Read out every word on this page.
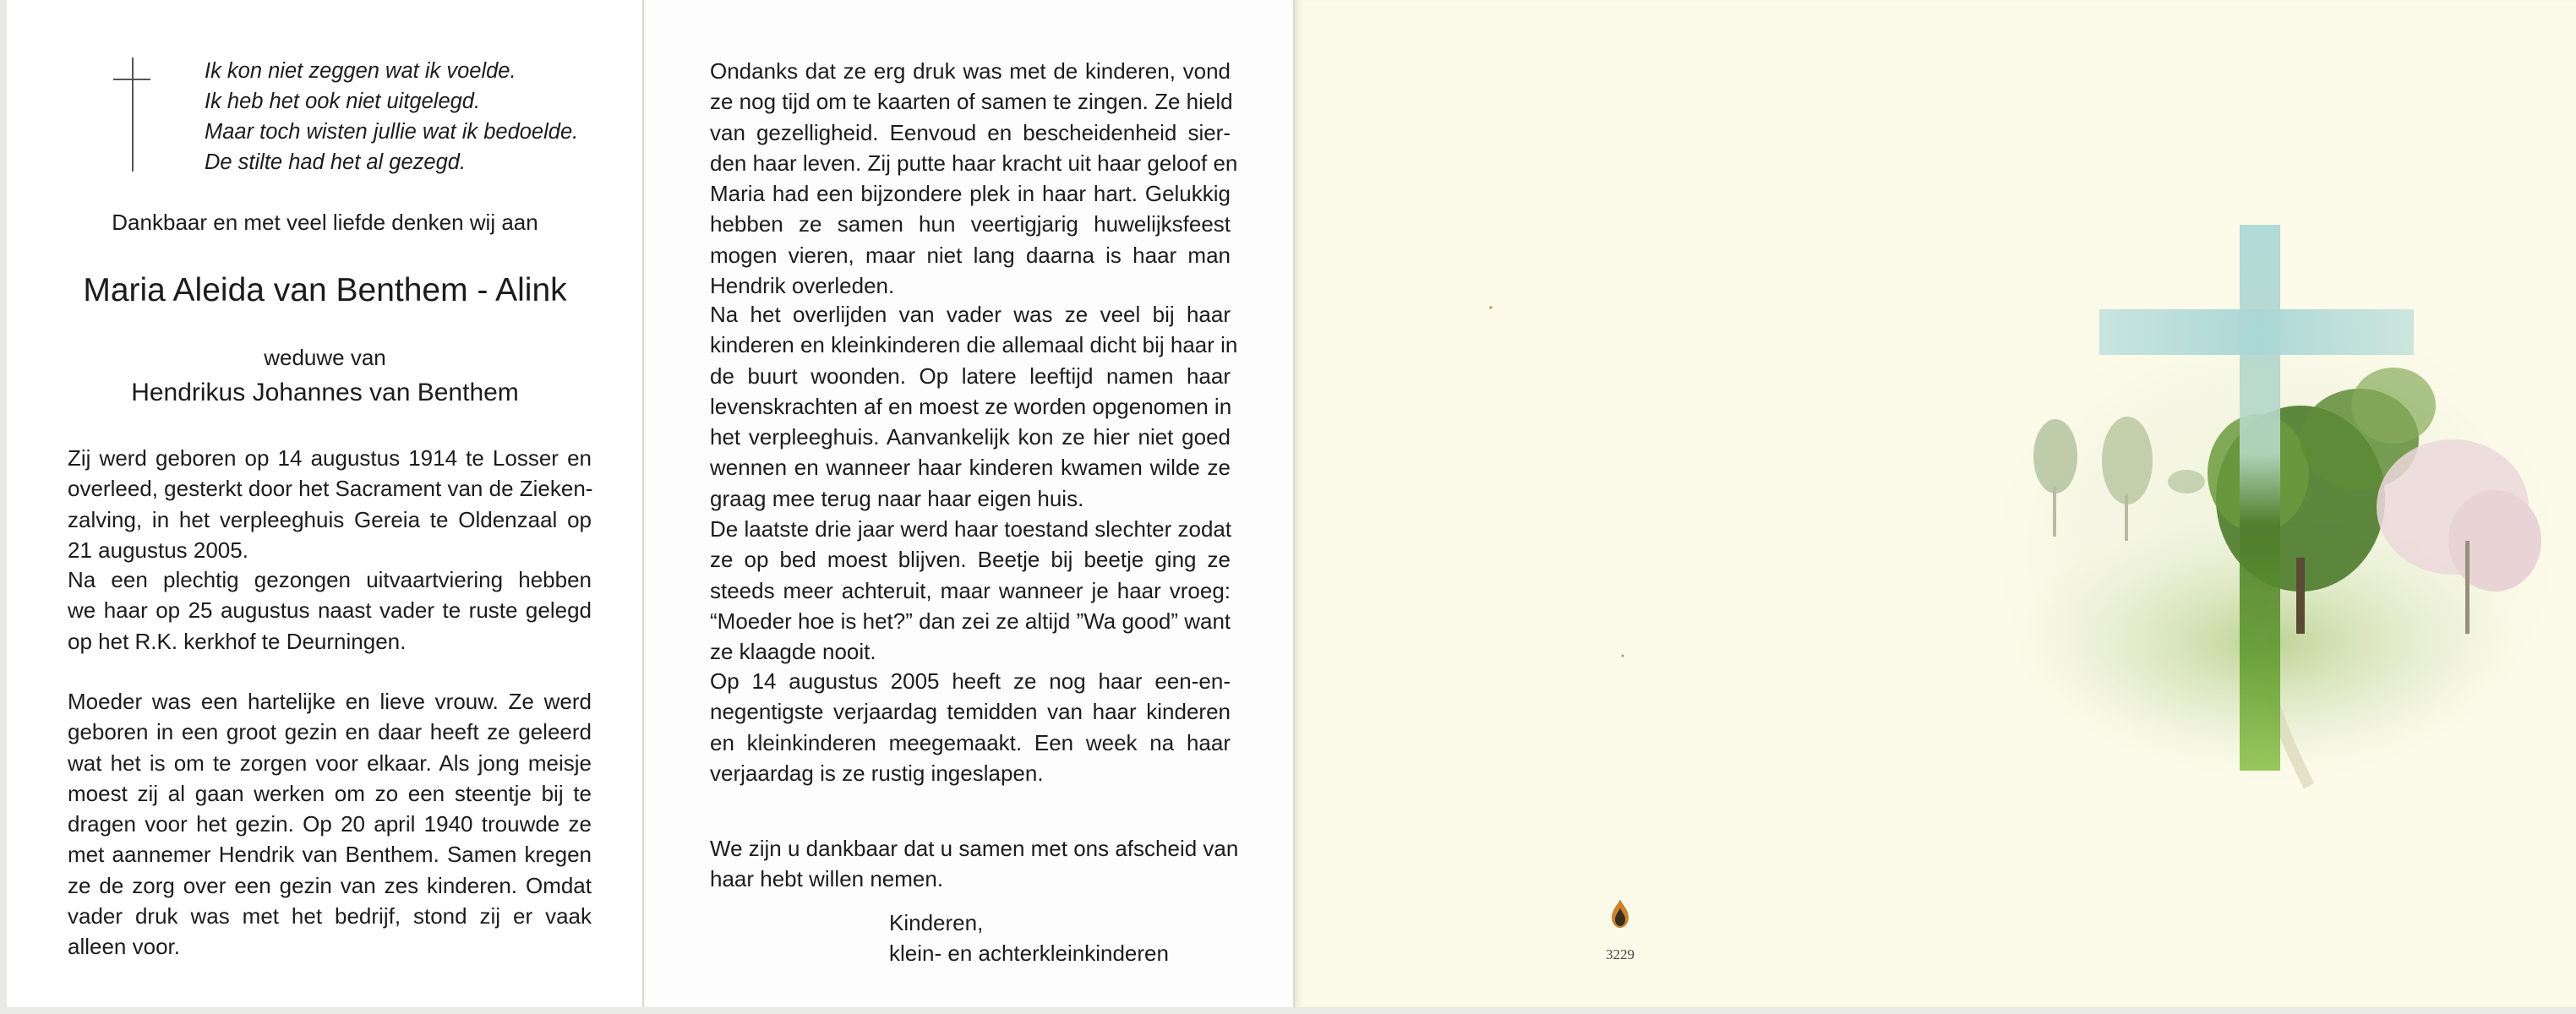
Ik kon niet zeggen wat ik voelde.
Ik heb het ook niet uitgelegd.
Maar toch wisten jullie wat ik bedoelde.
De stilte had het al gezegd.
Dankbaar en met veel liefde denken wij aan
Maria Aleida van Benthem - Alink
weduwe van
Hendrikus Johannes van Benthem
Zij werd geboren op 14 augustus 1914 te Losser en
overleed, gesterkt door het Sacrament van de Zieken-
zalving, in het verpleeghuis Gereia te Oldenzaal op
21 augustus 2005.
Na een plechtig gezongen uitvaartviering hebben
we haar op 25 augustus naast vader te ruste gelegd
op het R.K. kerkhof te Deurningen.
Moeder was een hartelijke en lieve vrouw. Ze werd
geboren in een groot gezin en daar heeft ze geleerd
wat het is om te zorgen voor elkaar. Als jong meisje
moest zij al gaan werken om zo een steentje bij te
dragen voor het gezin. Op 20 april 1940 trouwde ze
met aannemer Hendrik van Benthem. Samen kregen
ze de zorg over een gezin van zes kinderen. Omdat
vader druk was met het bedrijf, stond zij er vaak
alleen voor.
Ondanks dat ze erg druk was met de kinderen, vond
ze nog tijd om te kaarten of samen te zingen. Ze hield
van gezelligheid. Eenvoud en bescheidenheid sier-
den haar leven. Zij putte haar kracht uit haar geloof en
Maria had een bijzondere plek in haar hart. Gelukkig
hebben ze samen hun veertigjarig huwelijksfeest
mogen vieren, maar niet lang daarna is haar man
Hendrik overleden.
Na het overlijden van vader was ze veel bij haar
kinderen en kleinkinderen die allemaal dicht bij haar in
de buurt woonden. Op latere leeftijd namen haar
levenskrachten af en moest ze worden opgenomen in
het verpleeghuis. Aanvankelijk kon ze hier niet goed
wennen en wanneer haar kinderen kwamen wilde ze
graag mee terug naar haar eigen huis.
De laatste drie jaar werd haar toestand slechter zodat
ze op bed moest blijven. Beetje bij beetje ging ze
steeds meer achteruit, maar wanneer je haar vroeg:
“Moeder hoe is het?” dan zei ze altijd ”Wa good” want
ze klaagde nooit.
Op 14 augustus 2005 heeft ze nog haar een-en-
negentigste verjaardag temidden van haar kinderen
en kleinkinderen meegemaakt. Een week na haar
verjaardag is ze rustig ingeslapen.
We zijn u dankbaar dat u samen met ons afscheid van
haar hebt willen nemen.
Kinderen,
klein- en achterkleinkinderen	3229
